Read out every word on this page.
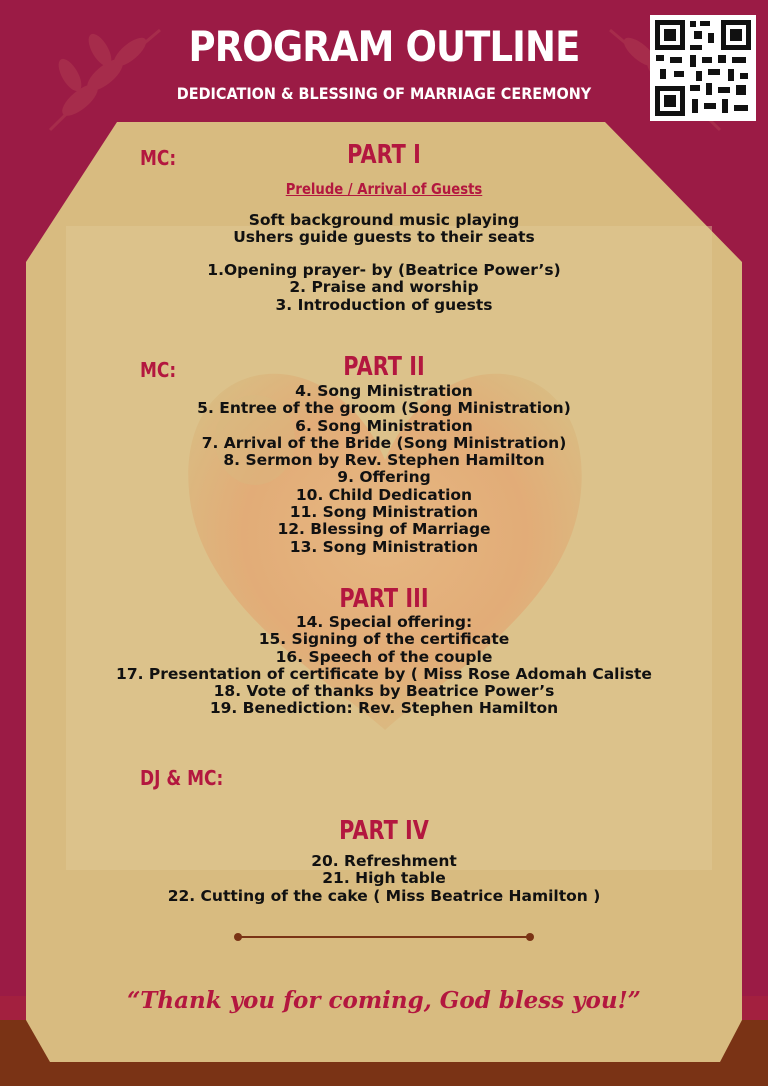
PROGRAM OUTLINE
DEDICATION & BLESSING OF MARRIAGE CEREMONY
MC:	PART I
Prelude / Arrival of Guests
Soft background music playing
Ushers guide guests to their seats
1.Opening prayer- by (Beatrice Power’s)
2. Praise and worship
3. Introduction of guests
MC:	PART II
4. Song Ministration
5. Entree of the groom (Song Ministration)
6. Song Ministration
7. Arrival of the Bride (Song Ministration)
8. Sermon by Rev. Stephen Hamilton
9. Offering
10. Child Dedication
11. Song Ministration
12. Blessing of Marriage
13. Song Ministration
PART III
14. Special offering:
15. Signing of the certificate
16. Speech of the couple
17. Presentation of certificate by ( Miss Rose Adomah Caliste
18. Vote of thanks by Beatrice Power’s
19. Benediction: Rev. Stephen Hamilton
DJ & MC:
PART IV
20. Refreshment
21. High table
22. Cutting of the cake ( Miss Beatrice Hamilton )
“Thank you for coming, God bless you!”
